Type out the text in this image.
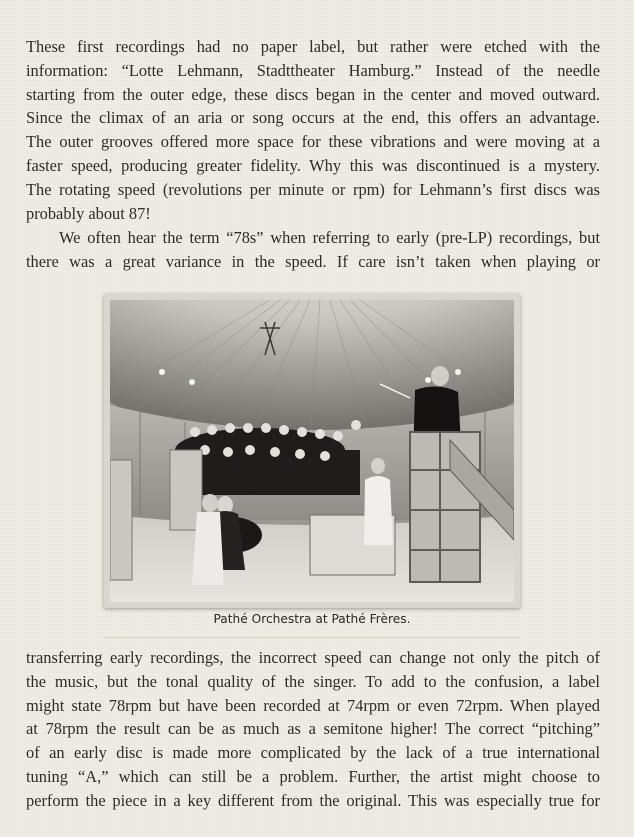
These first recordings had no paper label, but rather were etched with the
information: “Lotte Lehmann, Stadttheater Hamburg.” Instead of the needle
starting from the outer edge, these discs began in the center and moved outward.
Since the climax of an aria or song occurs at the end, this offers an advantage.
The outer grooves offered more space for these vibrations and were moving at a
faster speed, producing greater fidelity. Why this was discontinued is a mystery.
The rotating speed (revolutions per minute or rpm) for Lehmann’s first discs was
probably about 87!
We often hear the term “78s” when referring to early (pre-LP) recordings, but
there was a great variance in the speed. If care isn’t taken when playing or
Pathé Orchestra at Pathé Frères.
transferring early recordings, the incorrect speed can change not only the pitch of
the music, but the tonal quality of the singer. To add to the confusion, a label
might state 78rpm but have been recorded at 74rpm or even 72rpm. When played
at 78rpm the result can be as much as a semitone higher! The correct “pitching”
of an early disc is made more complicated by the lack of a true international
tuning “A,” which can still be a problem. Further, the artist might choose to
perform the piece in a key different from the original. This was especially true for
